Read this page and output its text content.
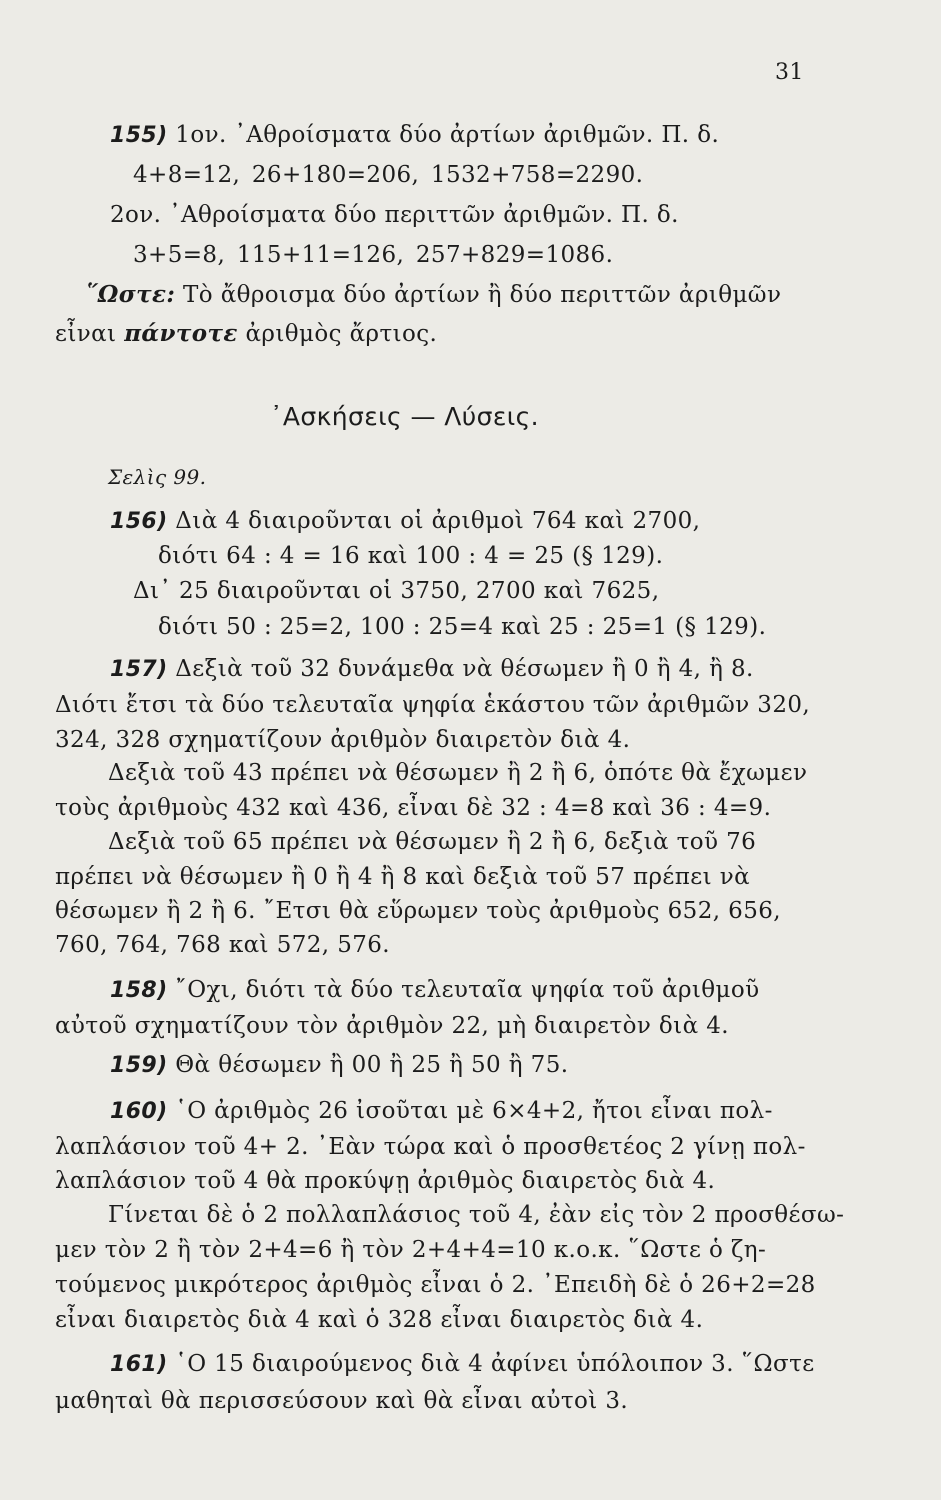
31
155) 1ον. ᾽Αθροίσματα δύο ἀρτίων ἀριθμῶν. Π. δ.
4+8=12, 26+180=206, 1532+758=2290.
2ον. ᾽Αθροίσματα δύο περιττῶν ἀριθμῶν. Π. δ.
3+5=8, 115+11=126, 257+829=1086.
῞Ωστε: Τὸ ἄθροισμα δύο ἀρτίων ἢ δύο περιττῶν ἀριθμῶν
εἶναι πάντοτε ἀριθμὸς ἄρτιος.
᾽Ασκήσεις — Λύσεις.
Σελὶς 99.
156) Διὰ 4 διαιροῦνται οἱ ἀριθμοὶ 764 καὶ 2700,
διότι 64 : 4 = 16 καὶ 100 : 4 = 25 (§ 129).
Δι᾽ 25 διαιροῦνται οἱ 3750, 2700 καὶ 7625,
διότι 50 : 25=2, 100 : 25=4 καὶ 25 : 25=1 (§ 129).
157) Δεξιὰ τοῦ 32 δυνάμεθα νὰ θέσωμεν ἢ 0 ἢ 4, ἢ 8.
Διότι ἔτσι τὰ δύο τελευταῖα ψηφία ἑκάστου τῶν ἀριθμῶν 320,
324, 328 σχηματίζουν ἀριθμὸν διαιρετὸν διὰ 4.
Δεξιὰ τοῦ 43 πρέπει νὰ θέσωμεν ἢ 2 ἢ 6, ὁπότε θὰ ἔχωμεν
τοὺς ἀριθμοὺς 432 καὶ 436, εἶναι δὲ 32 : 4=8 καὶ 36 : 4=9.
Δεξιὰ τοῦ 65 πρέπει νὰ θέσωμεν ἢ 2 ἢ 6, δεξιὰ τοῦ 76
πρέπει νὰ θέσωμεν ἢ 0 ἢ 4 ἢ 8 καὶ δεξιὰ τοῦ 57 πρέπει νὰ
θέσωμεν ἢ 2 ἢ 6. ῎Ετσι θὰ εὕρωμεν τοὺς ἀριθμοὺς 652, 656,
760, 764, 768 καὶ 572, 576.
158) ῎Οχι, διότι τὰ δύο τελευταῖα ψηφία τοῦ ἀριθμοῦ
αὐτοῦ σχηματίζουν τὸν ἀριθμὸν 22, μὴ διαιρετὸν διὰ 4.
159) Θὰ θέσωμεν ἢ 00 ἢ 25 ἢ 50 ἢ 75.
160) ῾Ο ἀριθμὸς 26 ἰσοῦται μὲ 6×4+2, ἤτοι εἶναι πολ-
λαπλάσιον τοῦ 4+ 2. ᾽Εὰν τώρα καὶ ὁ προσθετέος 2 γίνῃ πολ-
λαπλάσιον τοῦ 4 θὰ προκύψῃ ἀριθμὸς διαιρετὸς διὰ 4.
Γίνεται δὲ ὁ 2 πολλαπλάσιος τοῦ 4, ἐὰν εἰς τὸν 2 προσθέσω-
μεν τὸν 2 ἢ τὸν 2+4=6 ἢ τὸν 2+4+4=10 κ.ο.κ. ῞Ωστε ὁ ζη-
τούμενος μικρότερος ἀριθμὸς εἶναι ὁ 2. ᾽Επειδὴ δὲ ὁ 26+2=28
εἶναι διαιρετὸς διὰ 4 καὶ ὁ 328 εἶναι διαιρετὸς διὰ 4.
161) ῾Ο 15 διαιρούμενος διὰ 4 ἀφίνει ὑπόλοιπον 3. ῞Ωστε
μαθηταὶ θὰ περισσεύσουν καὶ θὰ εἶναι αὐτοὶ 3.
